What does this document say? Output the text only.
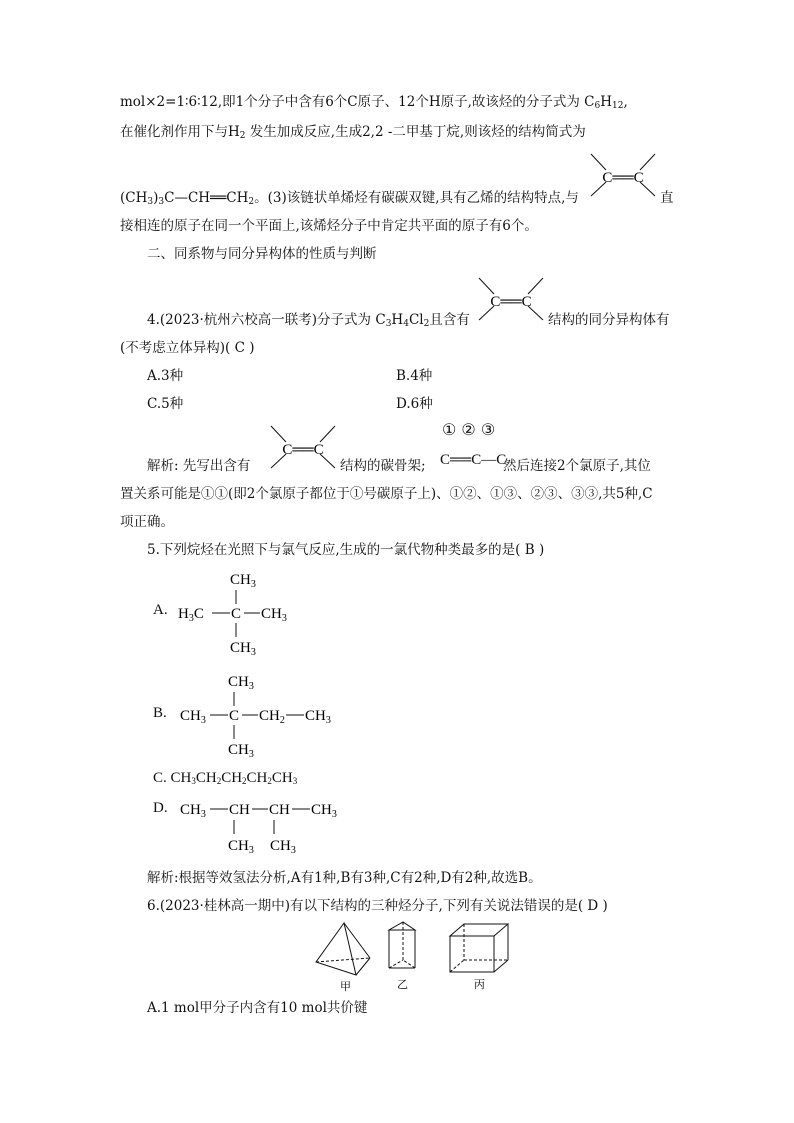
mol×2=1∶6∶12,即1个分子中含有6个C原子、12个H原子,故该烃的分子式为 $C_6H_{12}$,
在催化剂作用下与$H_2$ 发生加成反应,生成2,2 -二甲基丁烷,则该烃的结构简式为
C══C
$(CH_3)_3C—CH══CH_2$。(3)该链状单烯烃有碳碳双键,具有乙烯的结构特点,与	直
接相连的原子在同一个平面上,该烯烃分子中肯定共平面的原子有6个。
二、同系物与同分异构体的性质与判断
C══C
4.(2023·杭州六校高一联考)分子式为 $C_3H_4Cl_2$且含有	结构的同分异构体有
(不考虑立体异构)( C )
A.3种	B.4种
C.5种	D.6种
C══C
① ② ③
解析: 先写出含有	结构的碳骨架; C══C—C
然后连接2个氯原子,其位
置关系可能是①①(即2个氯原子都位于①号碳原子上)、①②、①③、②③、③③,共5种,C
项正确。
5.下列烷烃在光照下与氯气反应,生成的一氯代物种类最多的是( B )
A.
$CH_3$
$H_3C$ C $CH_3$
$CH_3$
B.
$CH_3$
$CH_3$ C $CH_2$ $CH_3$
$CH_3$
C. $CH_3CH_2CH_2CH_2CH_3$
D. $CH_3$ CH CH $CH_3$
$CH_3$ $CH_3$
解析:根据等效氢法分析,A有1种,B有3种,C有2种,D有2种,故选B。
6.(2023·桂林高一期中)有以下结构的三种烃分子,下列有关说法错误的是( D )
甲	乙	丙
A.1 mol甲分子内含有10 mol共价键
